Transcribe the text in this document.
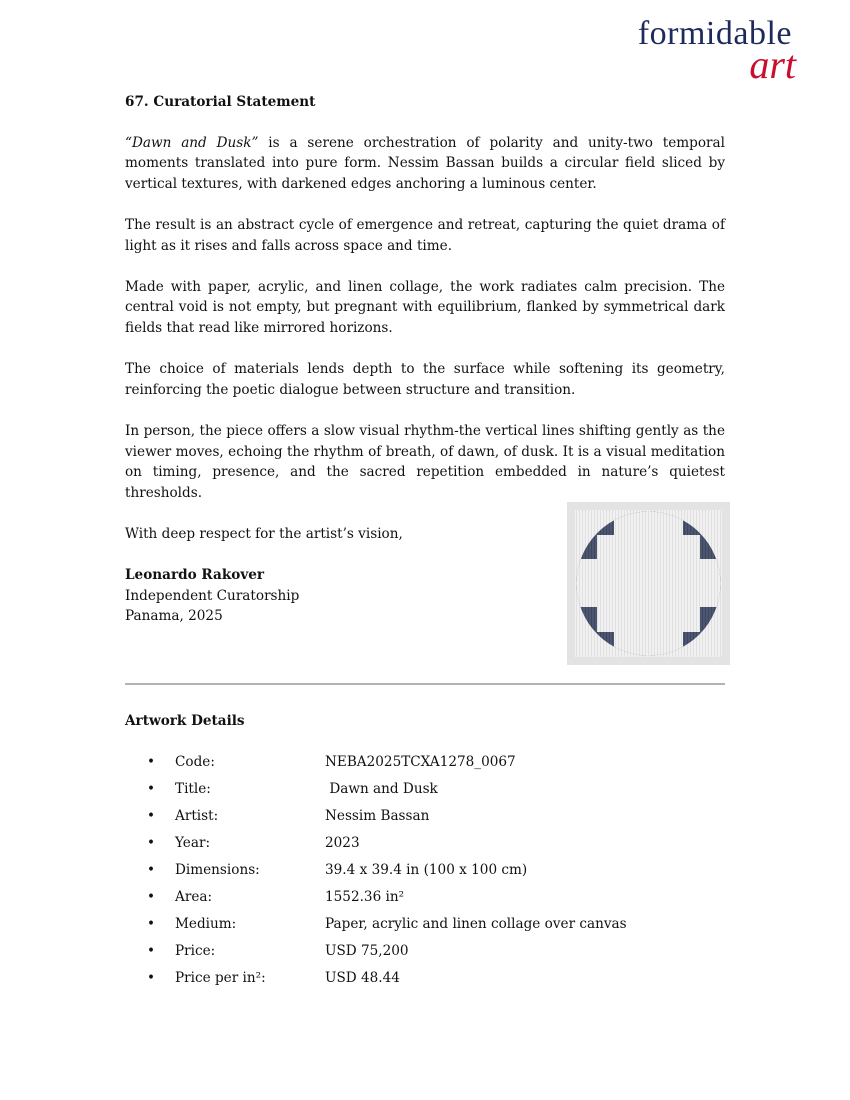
formidable
art
67. Curatorial Statement

“Dawn and Dusk” is a serene orchestration of polarity and unity-two temporal moments translated into pure form. Nessim Bassan builds a circular field sliced by vertical textures, with darkened edges anchoring a luminous center.

The result is an abstract cycle of emergence and retreat, capturing the quiet drama of light as it rises and falls across space and time.

Made with paper, acrylic, and linen collage, the work radiates calm precision. The central void is not empty, but pregnant with equilibrium, flanked by symmetrical dark fields that read like mirrored horizons.

The choice of materials lends depth to the surface while softening its geometry, reinforcing the poetic dialogue between structure and transition.

In person, the piece offers a slow visual rhythm-the vertical lines shifting gently as the viewer moves, echoing the rhythm of breath, of dawn, of dusk. It is a visual meditation on timing, presence, and the sacred repetition embedded in nature’s quietest thresholds.

With deep respect for the artist’s vision,
Leonardo Rakover
Independent Curatorship
Panama, 2025
Artwork Details
• Code:	NEBA2025TCXA1278_0067
• Title:	Dawn and Dusk
• Artist:	Nessim Bassan
• Year:	2023
• Dimensions:	39.4 x 39.4 in (100 x 100 cm)
• Area:	1552.36 in²
• Medium:	Paper, acrylic and linen collage over canvas
• Price:	USD 75,200
• Price per in²:	USD 48.44
